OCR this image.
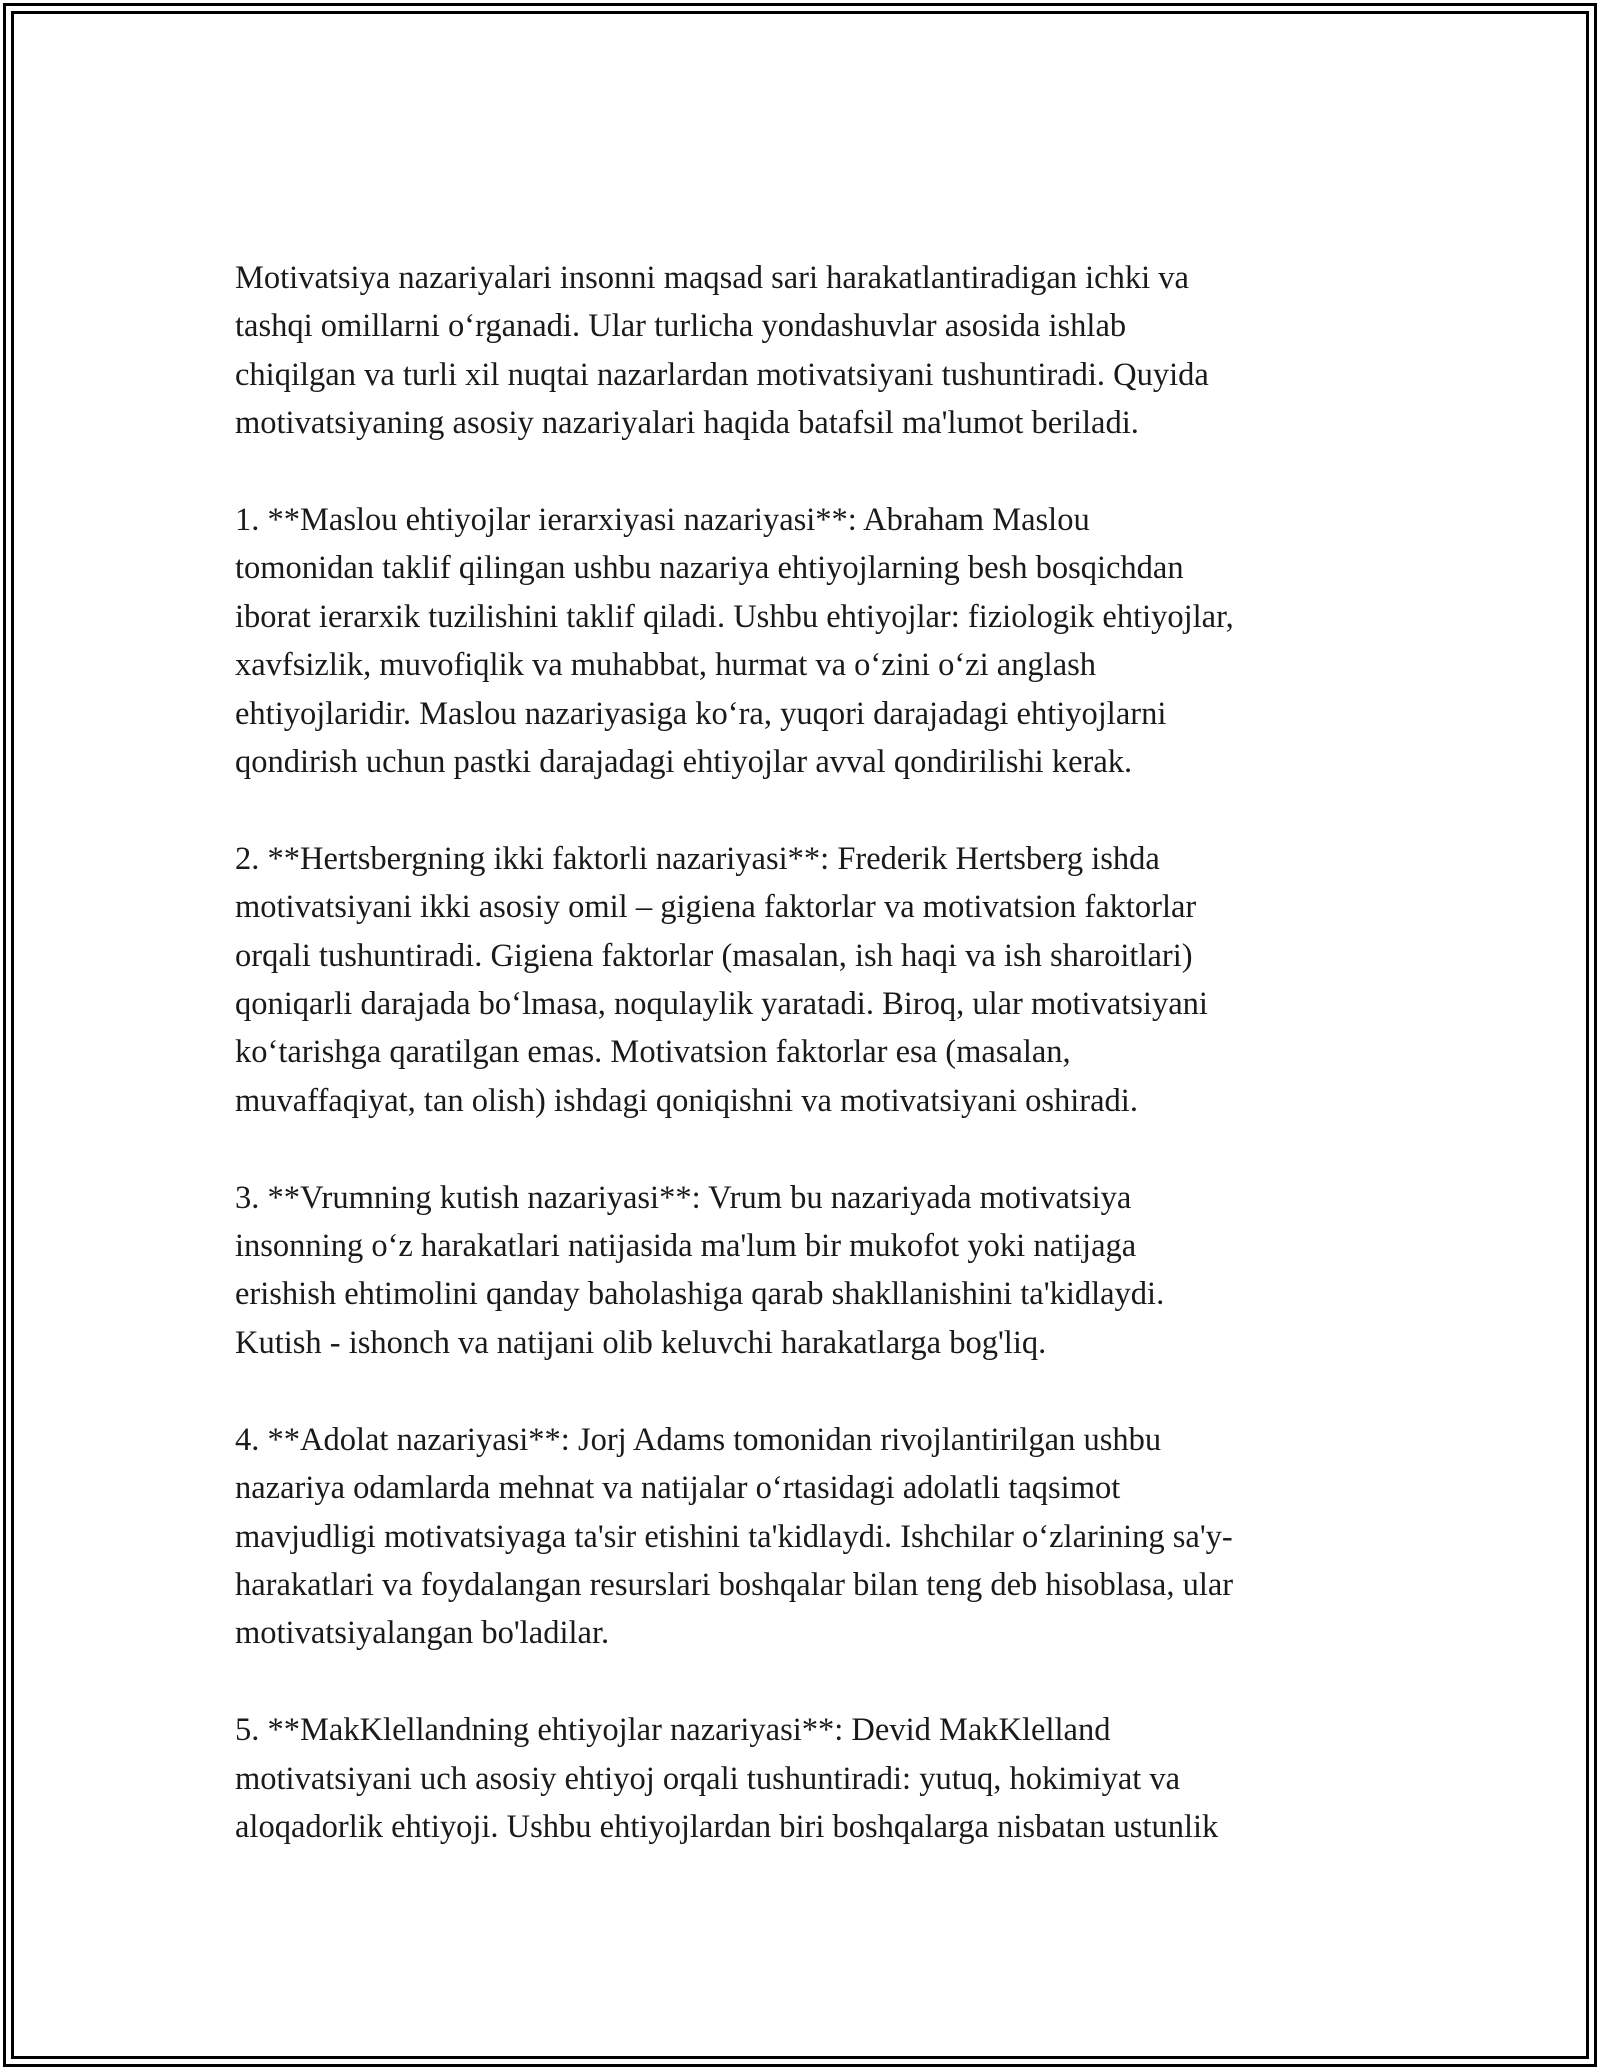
Motivatsiya nazariyalari insonni maqsad sari harakatlantiradigan ichki va
tashqi omillarni o‘rganadi. Ular turlicha yondashuvlar asosida ishlab
chiqilgan va turli xil nuqtai nazarlardan motivatsiyani tushuntiradi. Quyida
motivatsiyaning asosiy nazariyalari haqida batafsil ma'lumot beriladi.

1. **Maslou ehtiyojlar ierarxiyasi nazariyasi**: Abraham Maslou
tomonidan taklif qilingan ushbu nazariya ehtiyojlarning besh bosqichdan
iborat ierarxik tuzilishini taklif qiladi. Ushbu ehtiyojlar: fiziologik ehtiyojlar,
xavfsizlik, muvofiqlik va muhabbat, hurmat va o‘zini o‘zi anglash
ehtiyojlaridir. Maslou nazariyasiga ko‘ra, yuqori darajadagi ehtiyojlarni
qondirish uchun pastki darajadagi ehtiyojlar avval qondirilishi kerak.

2. **Hertsbergning ikki faktorli nazariyasi**: Frederik Hertsberg ishda
motivatsiyani ikki asosiy omil – gigiena faktorlar va motivatsion faktorlar
orqali tushuntiradi. Gigiena faktorlar (masalan, ish haqi va ish sharoitlari)
qoniqarli darajada bo‘lmasa, noqulaylik yaratadi. Biroq, ular motivatsiyani
ko‘tarishga qaratilgan emas. Motivatsion faktorlar esa (masalan,
muvaffaqiyat, tan olish) ishdagi qoniqishni va motivatsiyani oshiradi.

3. **Vrumning kutish nazariyasi**: Vrum bu nazariyada motivatsiya
insonning o‘z harakatlari natijasida ma'lum bir mukofot yoki natijaga
erishish ehtimolini qanday baholashiga qarab shakllanishini ta'kidlaydi.
Kutish - ishonch va natijani olib keluvchi harakatlarga bog'liq.

4. **Adolat nazariyasi**: Jorj Adams tomonidan rivojlantirilgan ushbu
nazariya odamlarda mehnat va natijalar o‘rtasidagi adolatli taqsimot
mavjudligi motivatsiyaga ta'sir etishini ta'kidlaydi. Ishchilar o‘zlarining sa'y-
harakatlari va foydalangan resurslari boshqalar bilan teng deb hisoblasa, ular
motivatsiyalangan bo'ladilar.

5. **MakKlellandning ehtiyojlar nazariyasi**: Devid MakKlelland
motivatsiyani uch asosiy ehtiyoj orqali tushuntiradi: yutuq, hokimiyat va
aloqadorlik ehtiyoji. Ushbu ehtiyojlardan biri boshqalarga nisbatan ustunlik
